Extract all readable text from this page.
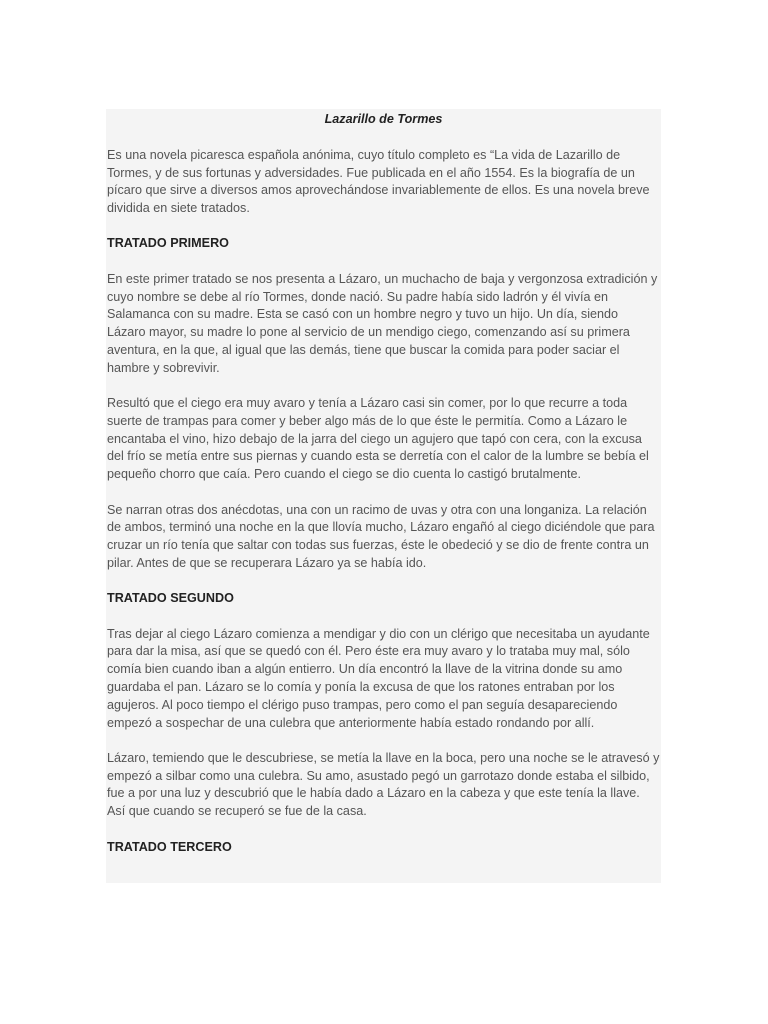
Lazarillo de Tormes

Es una novela picaresca española anónima, cuyo título completo es “La vida de Lazarillo de Tormes, y de sus fortunas y adversidades. Fue publicada en el año 1554. Es la biografía de un pícaro que sirve a diversos amos aprovechándose invariablemente de ellos. Es una novela breve dividida en siete tratados.

TRATADO PRIMERO

En este primer tratado se nos presenta a Lázaro, un muchacho de baja y vergonzosa extradición y cuyo nombre se debe al río Tormes, donde nació. Su padre había sido ladrón y él vivía en Salamanca con su madre. Esta se casó con un hombre negro y tuvo un hijo. Un día, siendo Lázaro mayor, su madre lo pone al servicio de un mendigo ciego, comenzando así su primera aventura, en la que, al igual que las demás, tiene que buscar la comida para poder saciar el hambre y sobrevivir.

Resultó que el ciego era muy avaro y tenía a Lázaro casi sin comer, por lo que recurre a toda suerte de trampas para comer y beber algo más de lo que éste le permitía. Como a Lázaro le encantaba el vino, hizo debajo de la jarra del ciego un agujero que tapó con cera, con la excusa del frío se metía entre sus piernas y cuando esta se derretía con el calor de la lumbre se bebía el pequeño chorro que caía. Pero cuando el ciego se dio cuenta lo castigó brutalmente.

Se narran otras dos anécdotas, una con un racimo de uvas y otra con una longaniza. La relación de ambos, terminó una noche en la que llovía mucho, Lázaro engañó al ciego diciéndole que para cruzar un río tenía que saltar con todas sus fuerzas, éste le obedeció y se dio de frente contra un pilar. Antes de que se recuperara Lázaro ya se había ido.

TRATADO SEGUNDO

Tras dejar al ciego Lázaro comienza a mendigar y dio con un clérigo que necesitaba un ayudante para dar la misa, así que se quedó con él. Pero éste era muy avaro y lo trataba muy mal, sólo comía bien cuando iban a algún entierro. Un día encontró la llave de la vitrina donde su amo guardaba el pan. Lázaro se lo comía y ponía la excusa de que los ratones entraban por los agujeros. Al poco tiempo el clérigo puso trampas, pero como el pan seguía desapareciendo empezó a sospechar de una culebra que anteriormente había estado rondando por allí.

Lázaro, temiendo que le descubriese, se metía la llave en la boca, pero una noche se le atravesó y empezó a silbar como una culebra. Su amo, asustado pegó un garrotazo donde estaba el silbido, fue a por una luz y descubrió que le había dado a Lázaro en la cabeza y que este tenía la llave. Así que cuando se recuperó se fue de la casa.

TRATADO TERCERO
